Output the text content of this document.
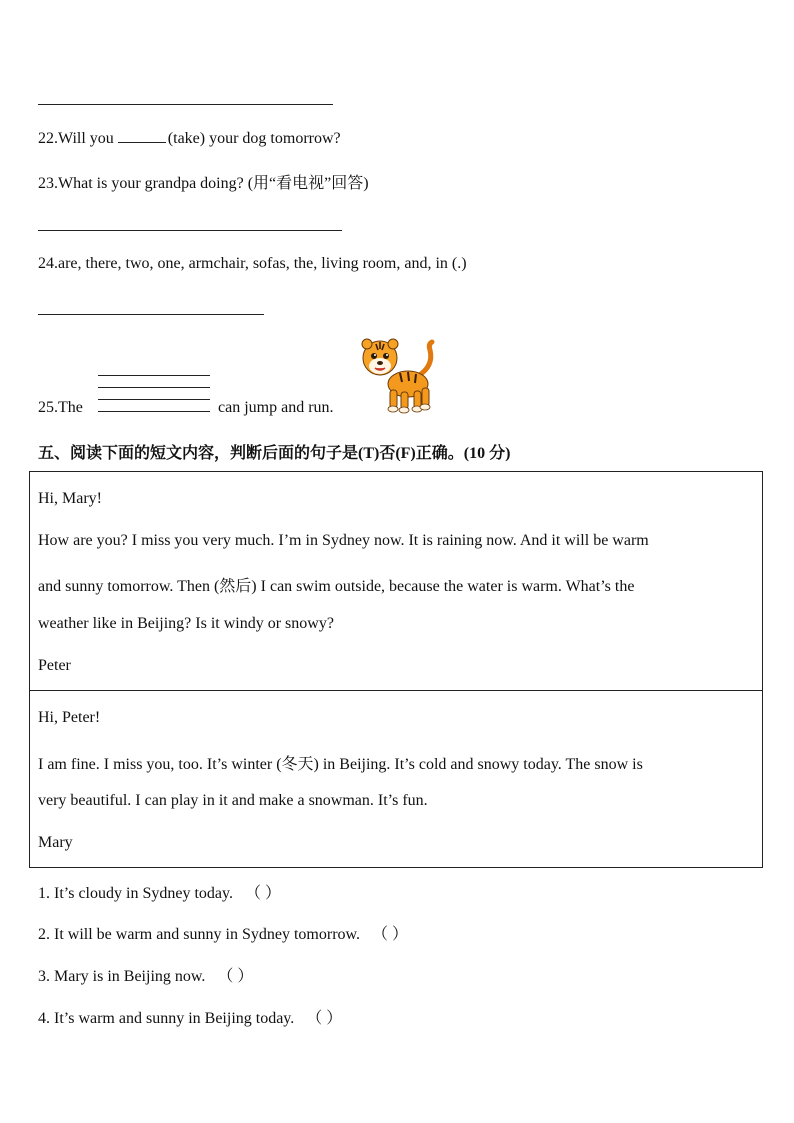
22.Will you	(take) your dog tomorrow?
23.What is your grandpa doing? (用“看电视”回答)
24.are, there, two, one, armchair, sofas, the, living room, and, in (.)
25.The	can jump and run.
五、阅读下面的短文内容，判断后面的句子是(T)否(F)正确。(10 分)
Hi, Mary!
How are you? I miss you very much. I’m in Sydney now. It is raining now. And it will be warm
and sunny tomorrow. Then (然后) I can swim outside, because the water is warm. What’s the
weather like in Beijing? Is it windy or snowy?
Peter
Hi, Peter!
I am fine. I miss you, too. It’s winter (冬天) in Beijing. It’s cold and snowy today. The snow is
very beautiful. I can play in it and make a snowman. It’s fun.
Mary
1. It’s cloudy in Sydney today. （ ）
2. It will be warm and sunny in Sydney tomorrow. （ ）
3. Mary is in Beijing now. （ ）
4. It’s warm and sunny in Beijing today. （ ）
